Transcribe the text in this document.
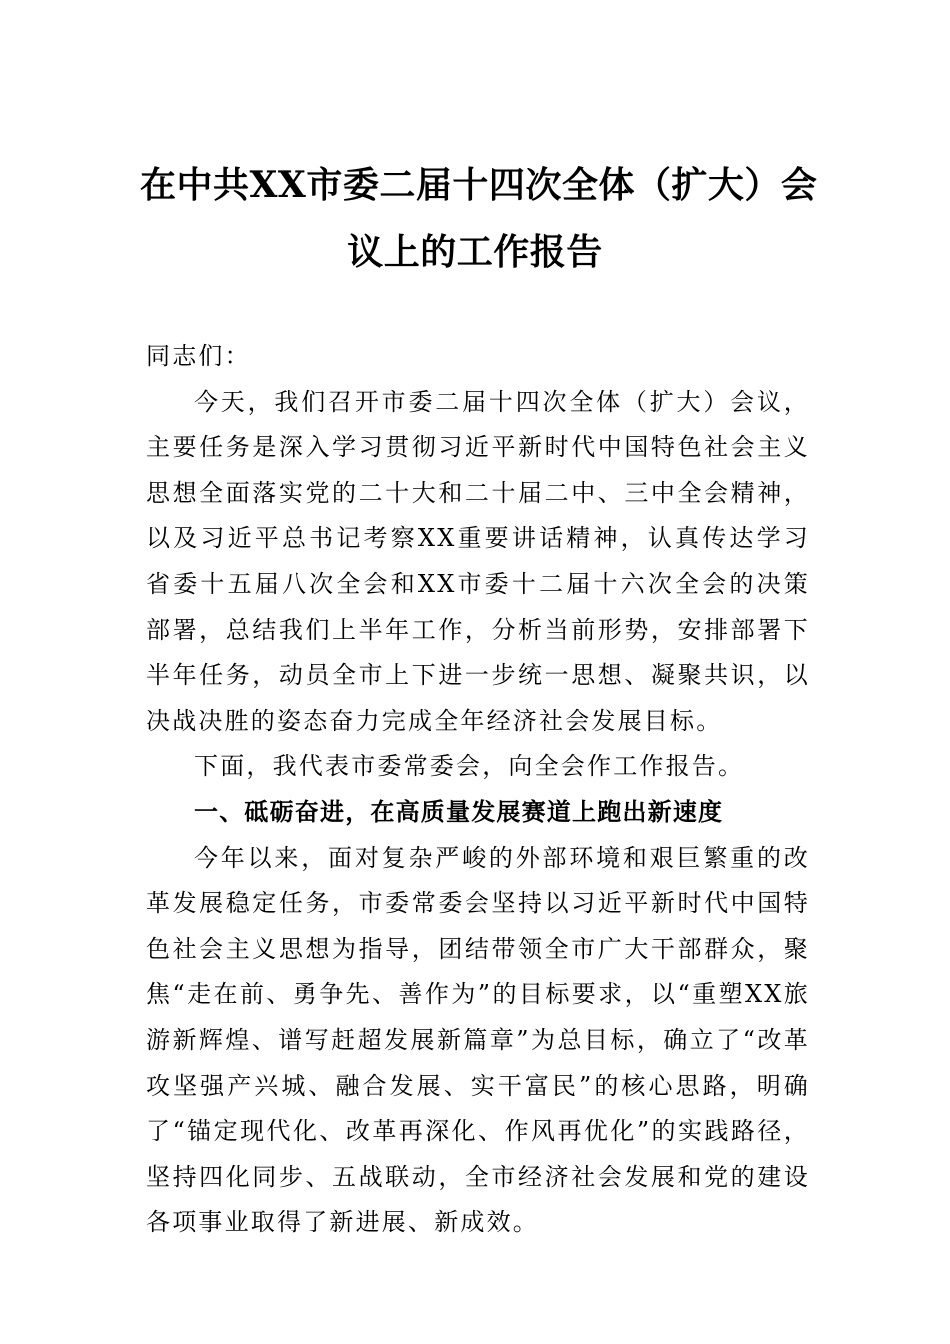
在中共XX市委二届十四次全体（扩大）会
议上的工作报告

同志们：

今天，我们召开市委二届十四次全体（扩大）会议，主要任务是深入学习贯彻习近平新时代中国特色社会主义思想全面落实党的二十大和二十届二中、三中全会精神，以及习近平总书记考察XX重要讲话精神，认真传达学习省委十五届八次全会和XX市委十二届十六次全会的决策部署，总结我们上半年工作，分析当前形势，安排部署下半年任务，动员全市上下进一步统一思想、凝聚共识，以决战决胜的姿态奋力完成全年经济社会发展目标。

下面，我代表市委常委会，向全会作工作报告。

一、砥砺奋进，在高质量发展赛道上跑出新速度

今年以来，面对复杂严峻的外部环境和艰巨繁重的改革发展稳定任务，市委常委会坚持以习近平新时代中国特色社会主义思想为指导，团结带领全市广大干部群众，聚焦“走在前、勇争先、善作为”的目标要求，以“重塑XX旅游新辉煌、谱写赶超发展新篇章”为总目标，确立了“改革攻坚强产兴城、融合发展、实干富民”的核心思路，明确了“锚定现代化、改革再深化、作风再优化”的实践路径，坚持四化同步、五战联动，全市经济社会发展和党的建设各项事业取得了新进展、新成效。
